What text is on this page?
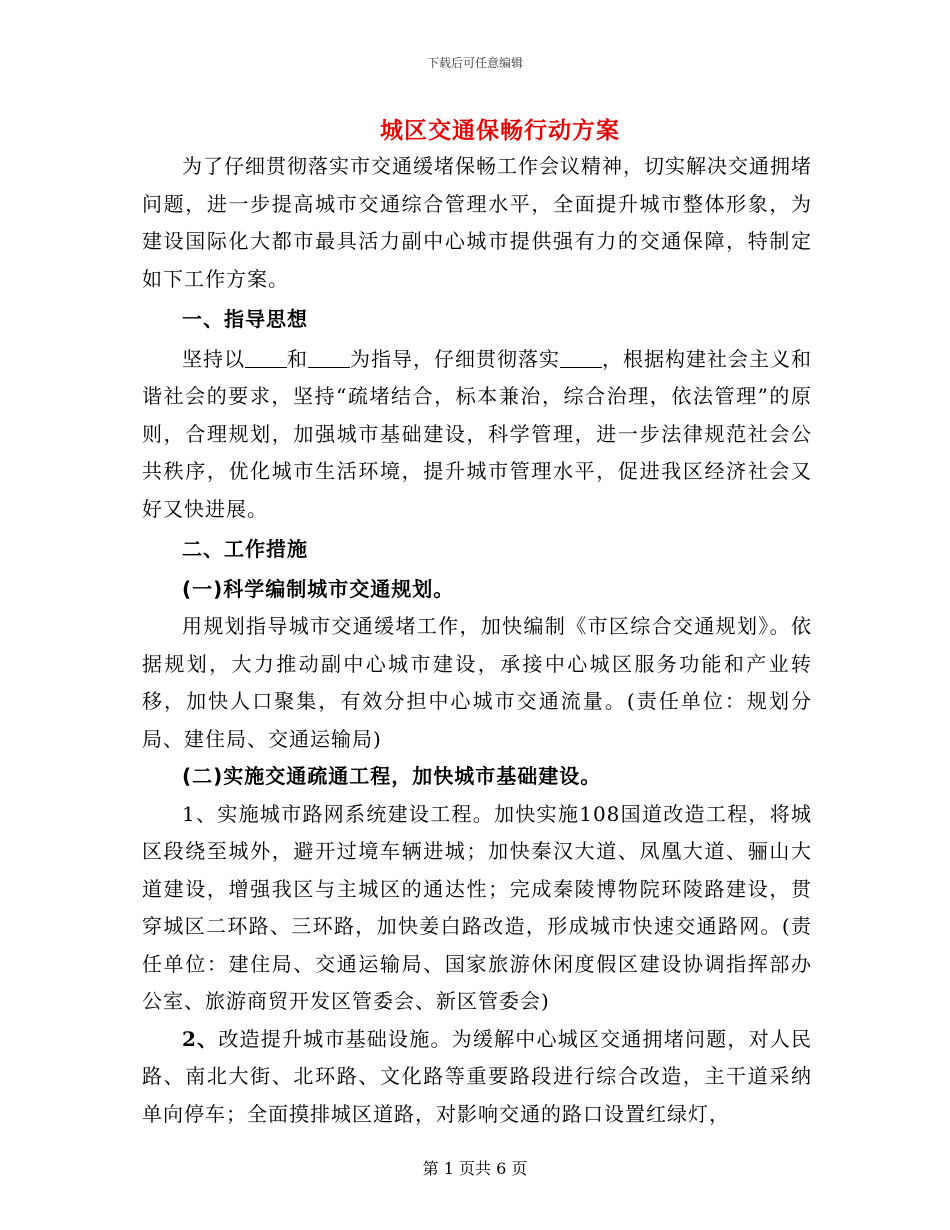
下载后可任意编辑
城区交通保畅行动方案

为了仔细贯彻落实市交通缓堵保畅工作会议精神，切实解决交通拥堵问题，进一步提高城市交通综合管理水平，全面提升城市整体形象，为建设国际化大都市最具活力副中心城市提供强有力的交通保障，特制定如下工作方案。

一、指导思想

坚持以 和 为指导，仔细贯彻落实 ，根据构建社会主义和谐社会的要求，坚持“疏堵结合，标本兼治，综合治理，依法管理”的原则，合理规划，加强城市基础建设，科学管理，进一步法律规范社会公共秩序，优化城市生活环境，提升城市管理水平，促进我区经济社会又好又快进展。

二、工作措施

(一)科学编制城市交通规划。

用规划指导城市交通缓堵工作，加快编制《市区综合交通规划》。依据规划，大力推动副中心城市建设，承接中心城区服务功能和产业转移，加快人口聚集，有效分担中心城市交通流量。(责任单位：规划分局、建住局、交通运输局)

(二)实施交通疏通工程，加快城市基础建设。

1、实施城市路网系统建设工程。加快实施108国道改造工程，将城区段绕至城外，避开过境车辆进城；加快秦汉大道、凤凰大道、骊山大道建设，增强我区与主城区的通达性；完成秦陵博物院环陵路建设，贯穿城区二环路、三环路，加快姜白路改造，形成城市快速交通路网。(责任单位：建住局、交通运输局、国家旅游休闲度假区建设协调指挥部办公室、旅游商贸开发区管委会、新区管委会)

2、改造提升城市基础设施。为缓解中心城区交通拥堵问题，对人民路、南北大街、北环路、文化路等重要路段进行综合改造，主干道采纳单向停车；全面摸排城区道路，对影响交通的路口设置红绿灯，

第 1 页共 6 页
